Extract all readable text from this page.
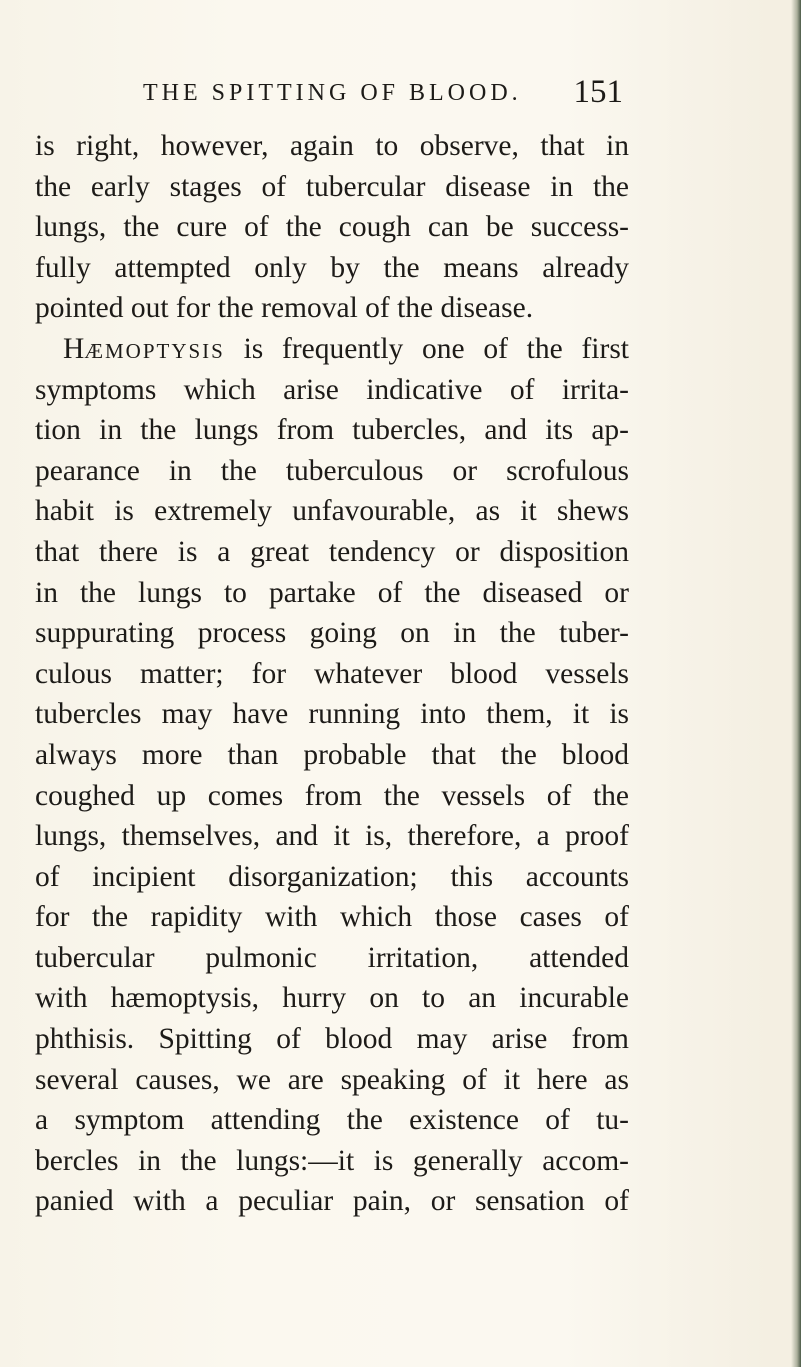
THE SPITTING OF BLOOD. 151
is right, however, again to observe, that in
the early stages of tubercular disease in the
lungs, the cure of the cough can be success-
fully attempted only by the means already
pointed out for the removal of the disease.
HÆMOPTYSIS is frequently one of the first
symptoms which arise indicative of irrita-
tion in the lungs from tubercles, and its ap-
pearance in the tuberculous or scrofulous
habit is extremely unfavourable, as it shews
that there is a great tendency or disposition
in the lungs to partake of the diseased or
suppurating process going on in the tuber-
culous matter; for whatever blood vessels
tubercles may have running into them, it is
always more than probable that the blood
coughed up comes from the vessels of the
lungs, themselves, and it is, therefore, a proof
of incipient disorganization; this accounts
for the rapidity with which those cases of
tubercular pulmonic irritation, attended
with hæmoptysis, hurry on to an incurable
phthisis. Spitting of blood may arise from
several causes, we are speaking of it here as
a symptom attending the existence of tu-
bercles in the lungs:—it is generally accom-
panied with a peculiar pain, or sensation of
